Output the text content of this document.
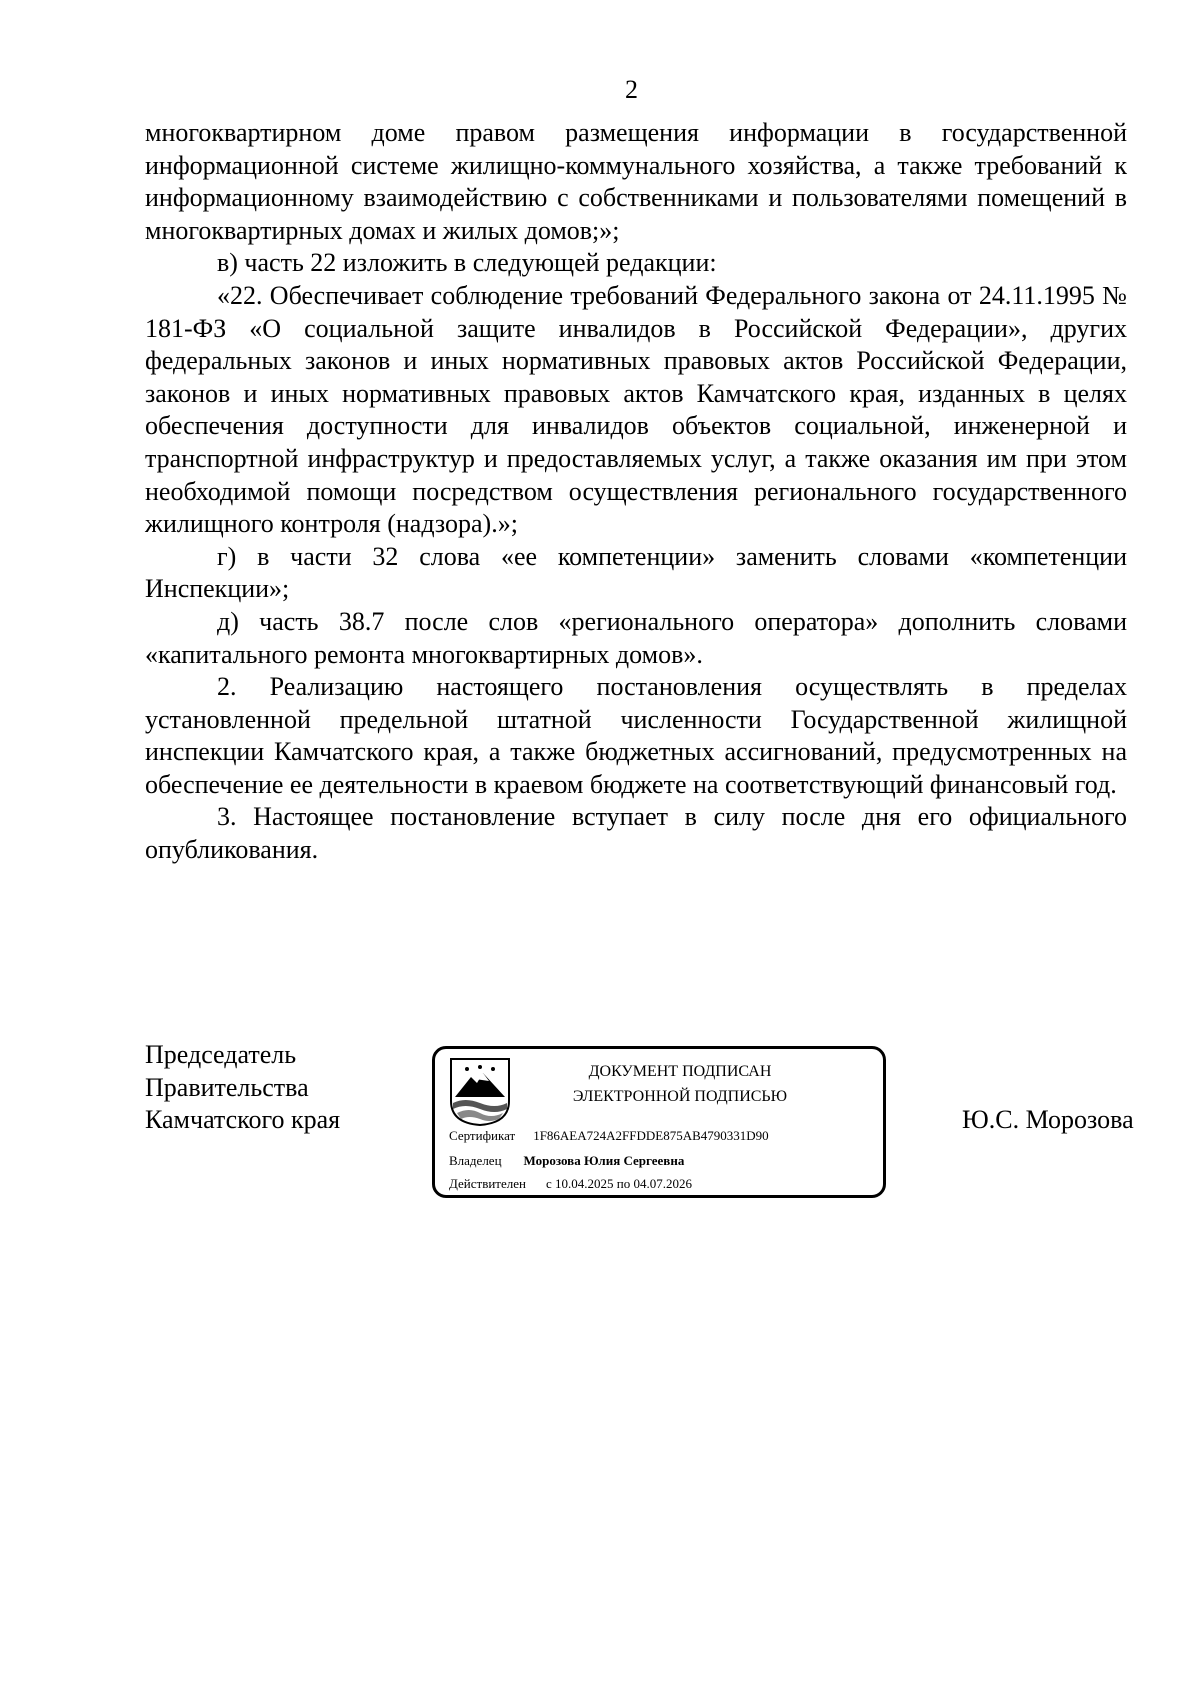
2

многоквартирном доме правом размещения информации в государственной информационной системе жилищно-коммунального хозяйства, а также требований к информационному взаимодействию с собственниками и пользователями помещений в многоквартирных домах и жилых домов;»;

в) часть 22 изложить в следующей редакции:

«22. Обеспечивает соблюдение требований Федерального закона от 24.11.1995 № 181-ФЗ «О социальной защите инвалидов в Российской Федерации», других федеральных законов и иных нормативных правовых актов Российской Федерации, законов и иных нормативных правовых актов Камчатского края, изданных в целях обеспечения доступности для инвалидов объектов социальной, инженерной и транспортной инфраструктур и предоставляемых услуг, а также оказания им при этом необходимой помощи посредством осуществления регионального государственного жилищного контроля (надзора).»;

г) в части 32 слова «ее компетенции» заменить словами «компетенции Инспекции»;

д) часть 38.7 после слов «регионального оператора» дополнить словами «капитального ремонта многоквартирных домов».

2. Реализацию настоящего постановления осуществлять в пределах установленной предельной штатной численности Государственной жилищной инспекции Камчатского края, а также бюджетных ассигнований, предусмотренных на обеспечение ее деятельности в краевом бюджете на соответствующий финансовый год.

3. Настоящее постановление вступает в силу после дня его официального опубликования.

Председатель
Правительства
Камчатского края
ДОКУМЕНТ ПОДПИСАН
ЭЛЕКТРОННОЙ ПОДПИСЬЮ
Сертификат 1F86AEA724A2FFDDE875AB4790331D90
Владелец Морозова Юлия Сергеевна
Действителен с 10.04.2025 по 04.07.2026
Ю.С. Морозова
